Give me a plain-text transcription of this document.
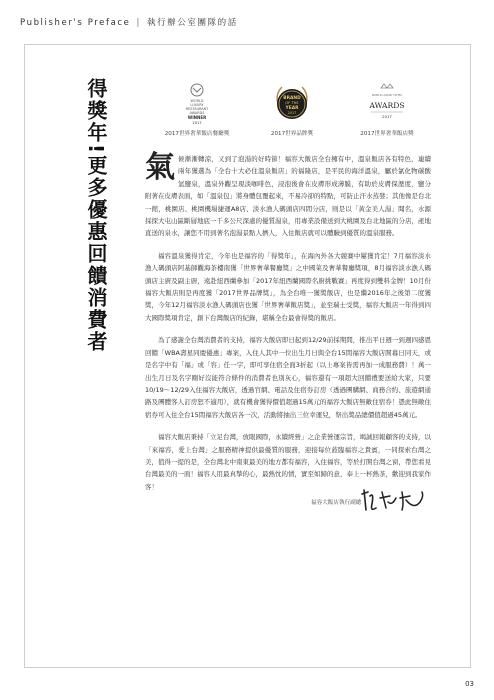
Publisher's Preface | 執行辦公室團隊的話
得獎年!更多優惠回饋消費者	WORLD
LUXURY
RESTAURANT
AWARDS
WINNER
2017
2017世界奢華飯店餐廳獎
BRAND
OF THE
YEAR
2017
2017世界品牌獎
WORLD LUXURY HOTEL
AWARDS
2017
2017世界奢華飯店獎

氣候漸漸轉涼，又到了泡湯的好時節！福容大飯店全台擁有中，溫泉飯店各有特色，連續兩年獲選為「全台十大必住溫泉飯店」的福隆店，是平民的海洋溫泉，屬於氯化物碳酸氫鹽泉，溫泉外觀呈現淡咖啡色，浸泡後會在皮膚形成薄膜，有助於皮膚保溼度，鹽分附著在皮膚表面，如「溫泉包」將身體包覆起來，不易冷卻的特點，可防止汗水蒸發；其他像是台北一館，桃園店、桃園機場捷運A8店、淡水漁人碼頭店四間分店，則是以「黃金美人湯」聞名，水源採探大屯山區斷層地底一千多公尺深處的優質湯泉，用專業設備送到大桃園及台北地區的分店，產地直送的泉水，讓您不用到著名泡湯景點人擠人，入住飯店就可以體驗到優質的溫泉服務。

福容溫泉獲得肯定，今年也是福容的「得獎年」，在海內外各大競賽中屢獲肯定！7月福容淡水漁人碼頭店阿基師觀海茶樓南獲「世界奢華餐廳獎」之中國菜及奢華餐廳獎項，8月福容淡水漁人碼頭店主廚及副主廚，遠赴紐西蘭參加「2017年紐西蘭國際名廚挑戰賽」再度得到雙料金牌！10月份福容大飯店則是再度獲「2017世界品牌獎」，為全台唯一獲獎飯店，也是繼2016年之後第二度獲獎，今年12月福容淡水漁人碼頭店也獲「世界奢華飯店獎」，並至瑞士受獎，福容大飯店一年得到四大國際獎項肯定，創下台灣飯店的紀錄，堪稱全台最會得獎的飯店。

為了感謝全台灣消費者的支持，福容大飯店即日起到12/29前採期間，推出平日週一到週四感恩回饋「WBA壽星同慶優惠」專案，入住人其中一位出生月日與全台15間福容大飯店開幕日同天，或是名字中有「福」或「容」任一字，即可享住宿全面3折起（以上專案皆需再加一成服務費）！萬一出生月日及名字剛好沒能符合條件的消費者也別灰心，福容還有一項超大回饋禮要送給大家，只要10/19～12/29入住福容大飯店，透過官網、電話及住宿券訂房（透過團購網、商務合約、旅遊網通路及團體客人訂房恕不適用），就有機會獲得價值超過15萬元的福容大飯店無敵住宿券！憑此無敵住宿券可入住全台15間福容大飯店各一次，活動將抽出三位幸運兒，祭出獎品總價值超過45萬元。

福容大飯店秉持「立足台灣，放眼國際，永續經營」之企業營運宗旨，竭誠回報顧客的支持，以「來福容，愛上台灣」之服務精神提供最優質的服務，迎接每位蒞臨福容之貴賓，一同探索台灣之美，值得一提的是，全台灣北中南東最美的地方都有福容，入住福容，等於打開台灣之窗，帶您看見台灣最美的一面！福容人用最真摯的心，最熱忱的情，實至如歸的意，奉上一杯熱茶，歡迎到我家作客！

福容大飯店執行副總
03
